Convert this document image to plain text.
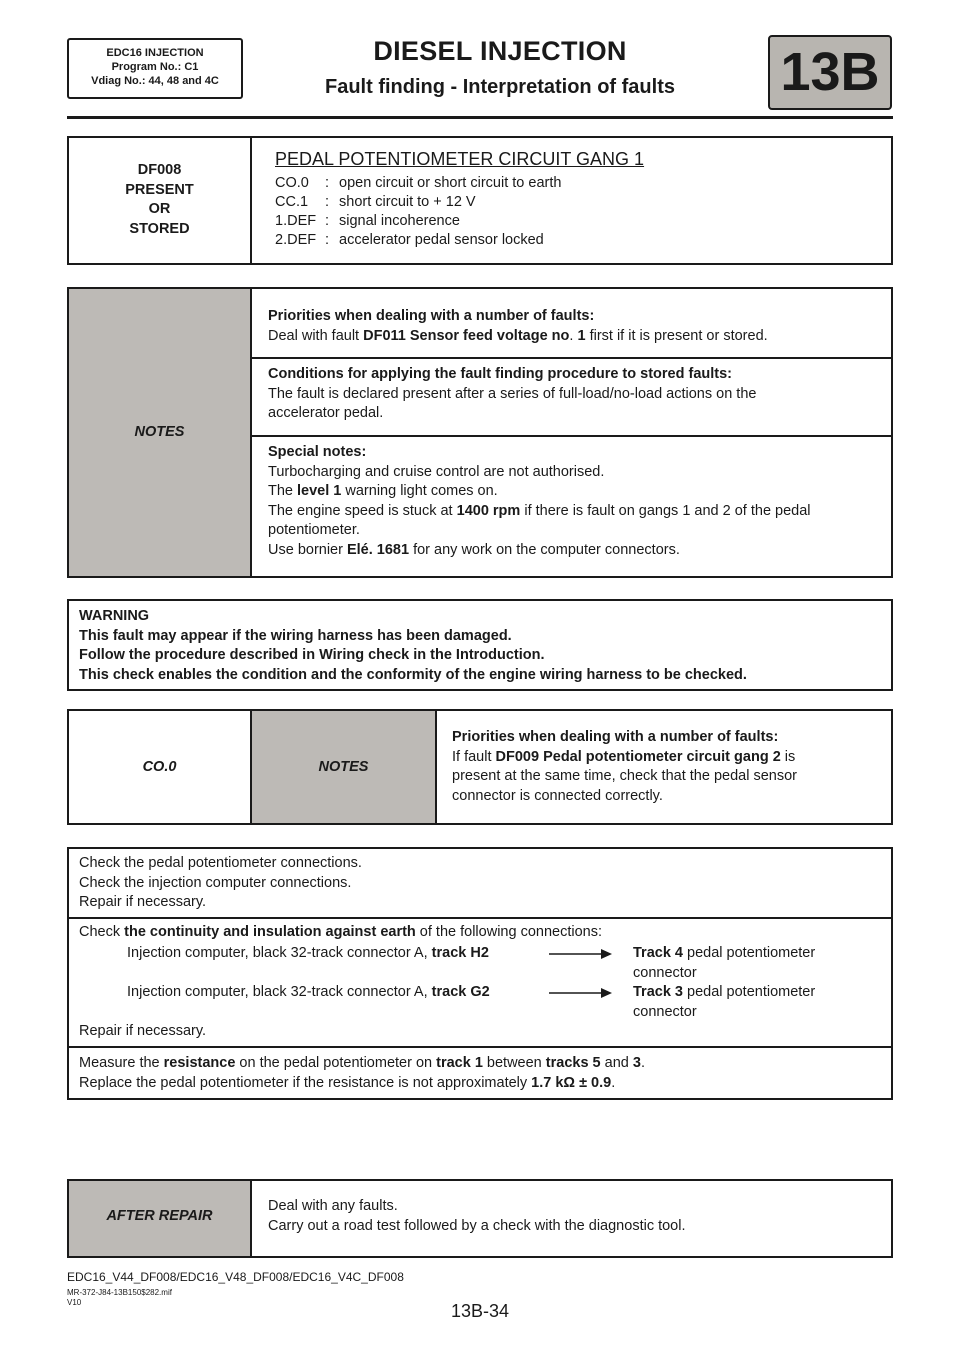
EDC16 INJECTION
Program No.: C1
Vdiag No.: 44, 48 and 4C
DIESEL INJECTION
Fault finding - Interpretation of faults	13B
DF008
PRESENT
OR
STORED
PEDAL POTENTIOMETER CIRCUIT GANG 1
CO.0 : open circuit or short circuit to earth
CC.1 : short circuit to + 12 V
1.DEF : signal incoherence
2.DEF : accelerator pedal sensor locked
NOTES
Priorities when dealing with a number of faults:
Deal with fault DF011 Sensor feed voltage no. 1 first if it is present or stored.
Conditions for applying the fault finding procedure to stored faults:
The fault is declared present after a series of full-load/no-load actions on the
accelerator pedal.
Special notes:
Turbocharging and cruise control are not authorised.
The level 1 warning light comes on.
The engine speed is stuck at 1400 rpm if there is fault on gangs 1 and 2 of the pedal
potentiometer.
Use bornier Elé. 1681 for any work on the computer connectors.
WARNING
This fault may appear if the wiring harness has been damaged.
Follow the procedure described in Wiring check in the Introduction.
This check enables the condition and the conformity of the engine wiring harness to be checked.
CO.0	NOTES
Priorities when dealing with a number of faults:
If fault DF009 Pedal potentiometer circuit gang 2 is
present at the same time, check that the pedal sensor
connector is connected correctly.
Check the pedal potentiometer connections.
Check the injection computer connections.
Repair if necessary.
Check the continuity and insulation against earth of the following connections:
Injection computer, black 32-track connector A, track H2	Track 4 pedal potentiometer
connector
Injection computer, black 32-track connector A, track G2	Track 3 pedal potentiometer
connector
Repair if necessary.
Measure the resistance on the pedal potentiometer on track 1 between tracks 5 and 3.
Replace the pedal potentiometer if the resistance is not approximately 1.7 kΩ ± 0.9.
AFTER REPAIR
Deal with any faults.
Carry out a road test followed by a check with the diagnostic tool.
EDC16_V44_DF008/EDC16_V48_DF008/EDC16_V4C_DF008
MR-372-J84-13B150$282.mif
V10	13B-34
